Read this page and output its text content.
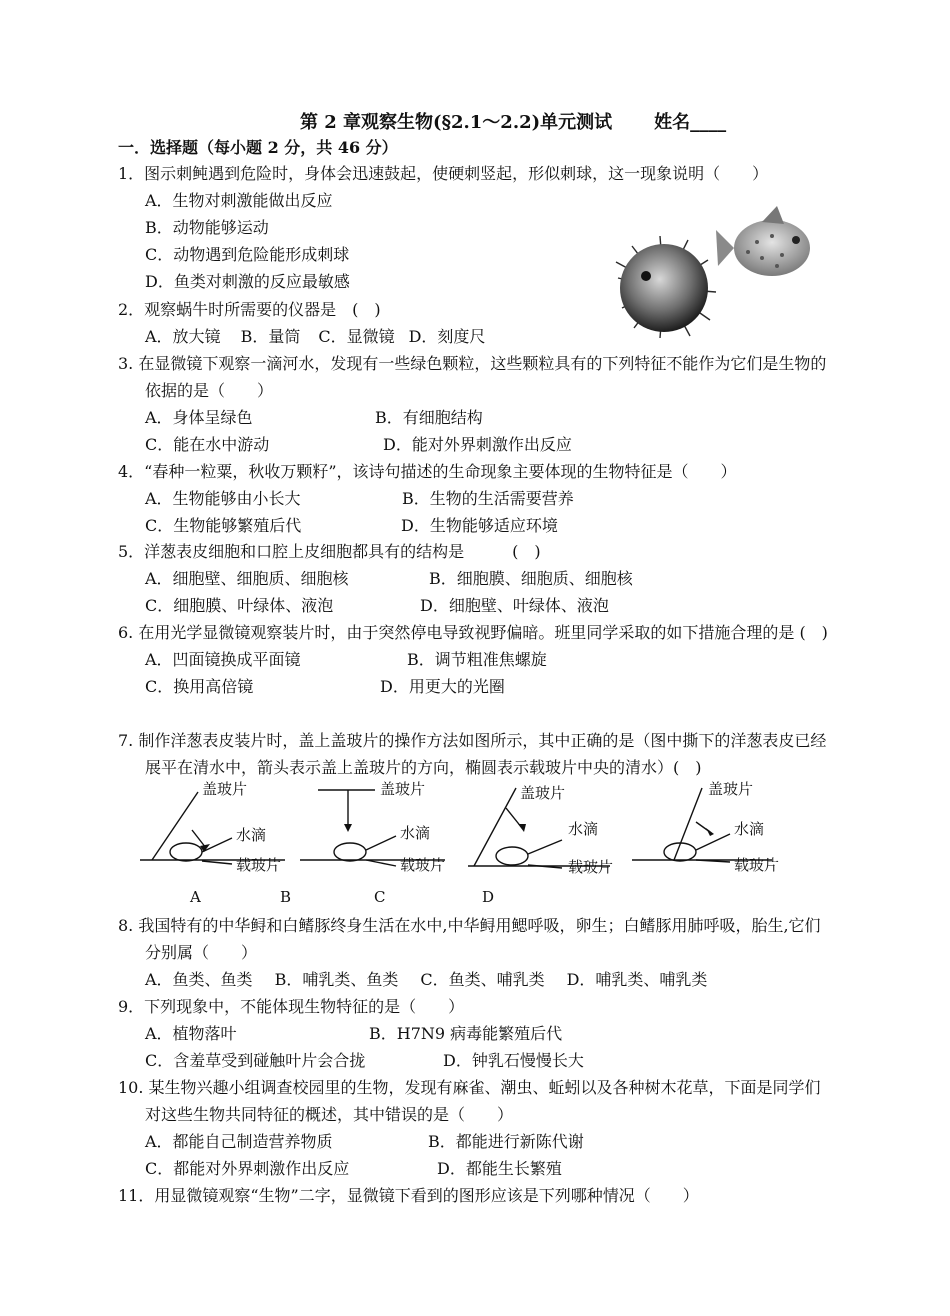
第 2 章观察生物(§2.1～2.2)单元测试 姓名____
一．选择题（每小题 2 分，共 46 分）
1．图示刺鲀遇到危险时，身体会迅速鼓起，使硬刺竖起，形似刺球，这一现象说明（　　）
A．生物对刺激能做出反应
B．动物能够运动
C．动物遇到危险能形成刺球
D．鱼类对刺激的反应最敏感
2．观察蜗牛时所需要的仪器是　(　)
A．放大镜 B．量筒 C．显微镜 D．刻度尺
3. 在显微镜下观察一滴河水，发现有一些绿色颗粒，这些颗粒具有的下列特征不能作为它们是生物的依据的是（　　）
A．身体呈绿色	B．有细胞结构
C．能在水中游动	D．能对外界刺激作出反应
4．“春种一粒粟，秋收万颗籽”，该诗句描述的生命现象主要体现的生物特征是（　　）
A．生物能够由小长大	B．生物的生活需要营养
C．生物能够繁殖后代	D．生物能够适应环境
5．洋葱表皮细胞和口腔上皮细胞都具有的结构是　　　(　)
A．细胞壁、细胞质、细胞核	B．细胞膜、细胞质、细胞核
C．细胞膜、叶绿体、液泡	D．细胞壁、叶绿体、液泡
6. 在用光学显微镜观察装片时，由于突然停电导致视野偏暗。班里同学采取的如下措施合理的是 (　)
A．凹面镜换成平面镜	B．调节粗准焦螺旋
C．换用高倍镜	D．用更大的光圈
7. 制作洋葱表皮装片时，盖上盖玻片的操作方法如图所示，其中正确的是（图中撕下的洋葱表皮已经展平在清水中，箭头表示盖上盖玻片的方向，椭圆表示载玻片中央的清水）(　)
盖玻片
水滴
载玻片
盖玻片
水滴
载玻片
盖玻片
水滴
载玻片
盖玻片
水滴
载玻片
A	B	C	D
8. 我国特有的中华鲟和白鳍豚终身生活在水中,中华鲟用鳃呼吸，卵生；白鳍豚用肺呼吸，胎生,它们分别属（　　）
A．鱼类、鱼类 B．哺乳类、鱼类 C．鱼类、哺乳类 D．哺乳类、哺乳类
9．下列现象中，不能体现生物特征的是（　　）
A．植物落叶	B．H7N9 病毒能繁殖后代
C．含羞草受到碰触叶片会合拢	D．钟乳石慢慢长大
10. 某生物兴趣小组调查校园里的生物，发现有麻雀、潮虫、蚯蚓以及各种树木花草，下面是同学们对这些生物共同特征的概述，其中错误的是（　　）
A．都能自己制造营养物质	B．都能进行新陈代谢
C．都能对外界刺激作出反应	D．都能生长繁殖
11．用显微镜观察“生物”二字，显微镜下看到的图形应该是下列哪种情况（　　）
